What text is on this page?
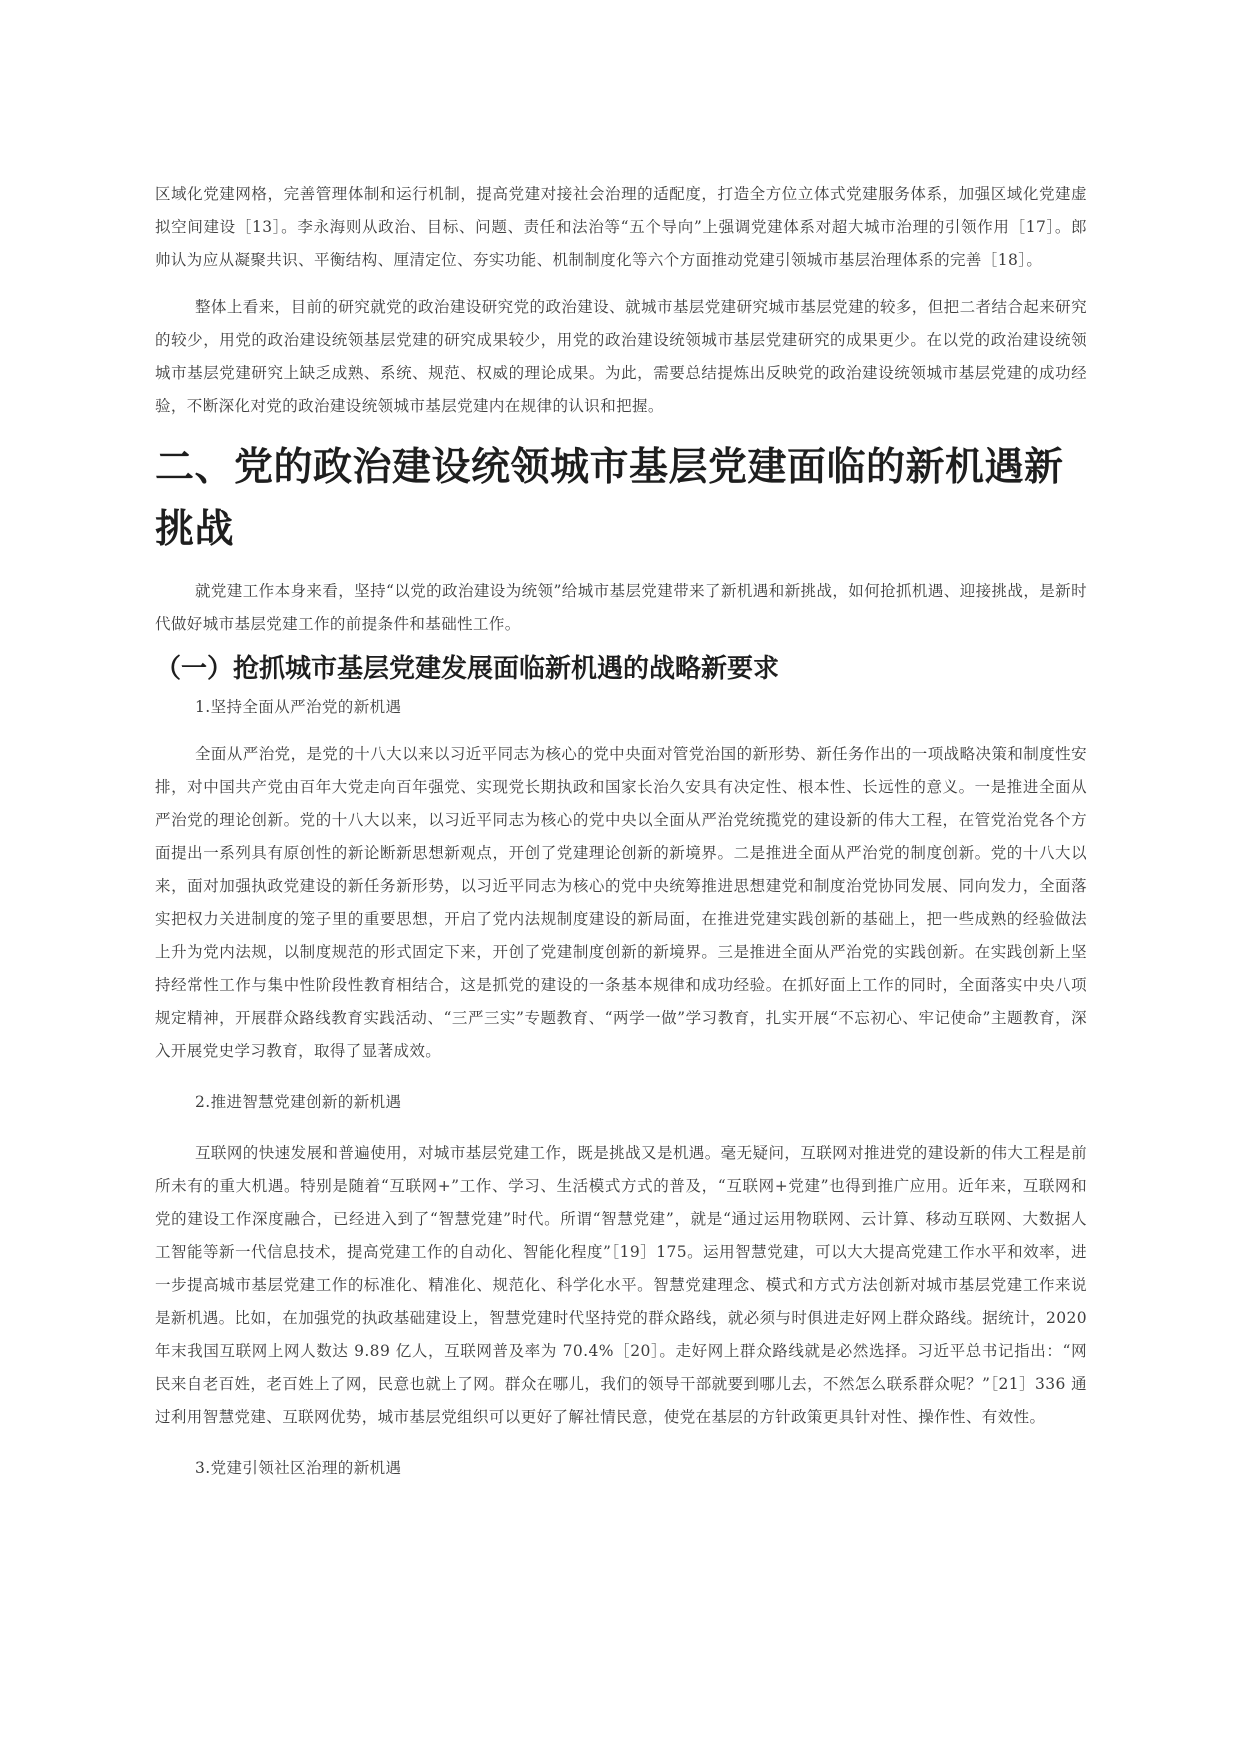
区域化党建网格，完善管理体制和运行机制，提高党建对接社会治理的适配度，打造全方位立体式党建服务体系，加强区域化党建虚拟空间建设［13］。李永海则从政治、目标、问题、责任和法治等“五个导向”上强调党建体系对超大城市治理的引领作用［17］。郎帅认为应从凝聚共识、平衡结构、厘清定位、夯实功能、机制制度化等六个方面推动党建引领城市基层治理体系的完善［18］。

整体上看来，目前的研究就党的政治建设研究党的政治建设、就城市基层党建研究城市基层党建的较多，但把二者结合起来研究的较少，用党的政治建设统领基层党建的研究成果较少，用党的政治建设统领城市基层党建研究的成果更少。在以党的政治建设统领城市基层党建研究上缺乏成熟、系统、规范、权威的理论成果。为此，需要总结提炼出反映党的政治建设统领城市基层党建的成功经验，不断深化对党的政治建设统领城市基层党建内在规律的认识和把握。

二、党的政治建设统领城市基层党建面临的新机遇新挑战

就党建工作本身来看，坚持“以党的政治建设为统领”给城市基层党建带来了新机遇和新挑战，如何抢抓机遇、迎接挑战，是新时代做好城市基层党建工作的前提条件和基础性工作。

（一）抢抓城市基层党建发展面临新机遇的战略新要求

1.坚持全面从严治党的新机遇

全面从严治党，是党的十八大以来以习近平同志为核心的党中央面对管党治国的新形势、新任务作出的一项战略决策和制度性安排，对中国共产党由百年大党走向百年强党、实现党长期执政和国家长治久安具有决定性、根本性、长远性的意义。一是推进全面从严治党的理论创新。党的十八大以来，以习近平同志为核心的党中央以全面从严治党统揽党的建设新的伟大工程，在管党治党各个方面提出一系列具有原创性的新论断新思想新观点，开创了党建理论创新的新境界。二是推进全面从严治党的制度创新。党的十八大以来，面对加强执政党建设的新任务新形势，以习近平同志为核心的党中央统筹推进思想建党和制度治党协同发展、同向发力，全面落实把权力关进制度的笼子里的重要思想，开启了党内法规制度建设的新局面，在推进党建实践创新的基础上，把一些成熟的经验做法上升为党内法规，以制度规范的形式固定下来，开创了党建制度创新的新境界。三是推进全面从严治党的实践创新。在实践创新上坚持经常性工作与集中性阶段性教育相结合，这是抓党的建设的一条基本规律和成功经验。在抓好面上工作的同时，全面落实中央八项规定精神，开展群众路线教育实践活动、“三严三实”专题教育、“两学一做”学习教育，扎实开展“不忘初心、牢记使命”主题教育，深入开展党史学习教育，取得了显著成效。

2.推进智慧党建创新的新机遇

互联网的快速发展和普遍使用，对城市基层党建工作，既是挑战又是机遇。毫无疑问，互联网对推进党的建设新的伟大工程是前所未有的重大机遇。特别是随着“互联网+”工作、学习、生活模式方式的普及，“互联网+党建”也得到推广应用。近年来，互联网和党的建设工作深度融合，已经进入到了“智慧党建”时代。所谓“智慧党建”，就是“通过运用物联网、云计算、移动互联网、大数据人工智能等新一代信息技术，提高党建工作的自动化、智能化程度”［19］175。运用智慧党建，可以大大提高党建工作水平和效率，进一步提高城市基层党建工作的标准化、精准化、规范化、科学化水平。智慧党建理念、模式和方式方法创新对城市基层党建工作来说是新机遇。比如，在加强党的执政基础建设上，智慧党建时代坚持党的群众路线，就必须与时俱进走好网上群众路线。据统计，2020 年末我国互联网上网人数达 9.89 亿人，互联网普及率为 70.4%［20］。走好网上群众路线就是必然选择。习近平总书记指出：“网民来自老百姓，老百姓上了网，民意也就上了网。群众在哪儿，我们的领导干部就要到哪儿去，不然怎么联系群众呢？”［21］336 通过利用智慧党建、互联网优势，城市基层党组织可以更好了解社情民意，使党在基层的方针政策更具针对性、操作性、有效性。

3.党建引领社区治理的新机遇
